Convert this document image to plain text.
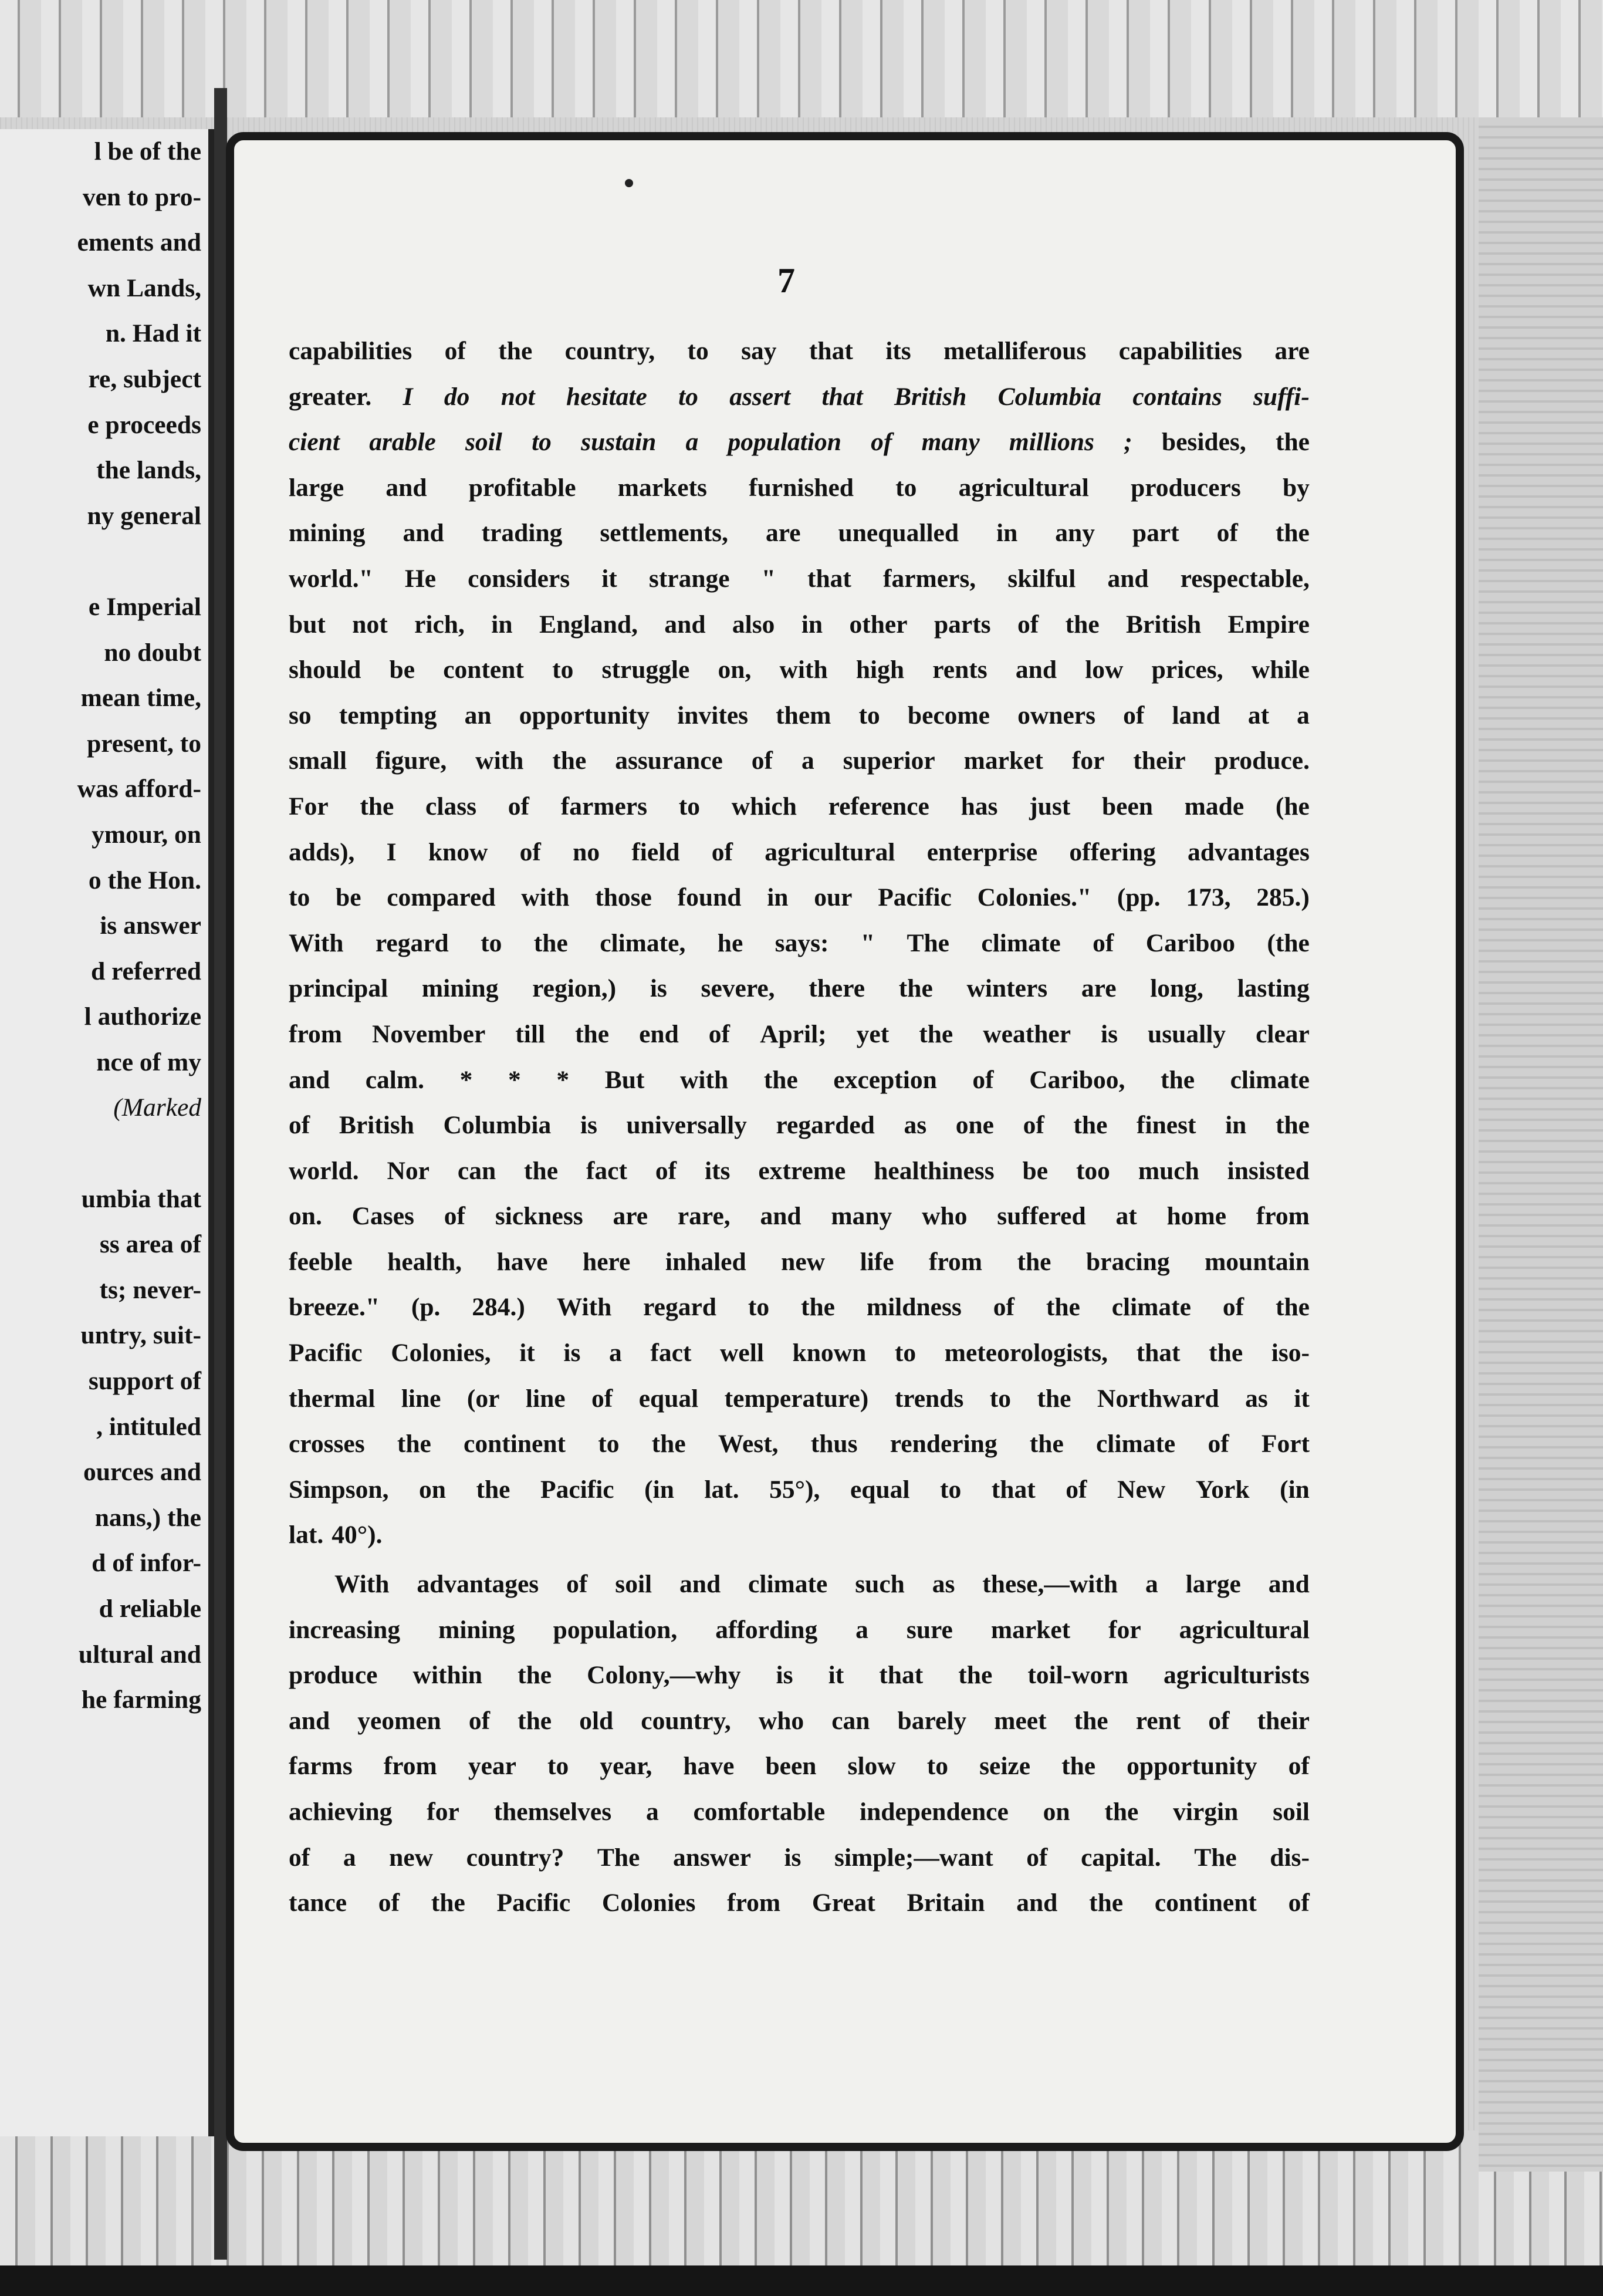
l be of the
ven to pro-
ements and
wn Lands,
n. Had it
re, subject
e proceeds
the lands,
ny general
e Imperial
no doubt
mean time,
present, to
was afford-
ymour, on
o the Hon.
is answer
d referred
l authorize
nce of my
(Marked
umbia that
ss area of
ts; never-
untry, suit-
support of
, intituled
ources and
nans,) the
d of infor-
d reliable
ultural and
he farming
7
capabilities of the country, to say that its metalliferous capabilities are
greater. I do not hesitate to assert that British Columbia contains suffi-
cient arable soil to sustain a population of many millions ; besides, the
large and profitable markets furnished to agricultural producers by
mining and trading settlements, are unequalled in any part of the
world." He considers it strange " that farmers, skilful and respectable,
but not rich, in England, and also in other parts of the British Empire
should be content to struggle on, with high rents and low prices, while
so tempting an opportunity invites them to become owners of land at a
small figure, with the assurance of a superior market for their produce.
For the class of farmers to which reference has just been made (he
adds), I know of no field of agricultural enterprise offering advantages
to be compared with those found in our Pacific Colonies." (pp. 173, 285.)
With regard to the climate, he says: " The climate of Cariboo (the
principal mining region,) is severe, there the winters are long, lasting
from November till the end of April; yet the weather is usually clear
and calm. * * * But with the exception of Cariboo, the climate
of British Columbia is universally regarded as one of the finest in the
world. Nor can the fact of its extreme healthiness be too much insisted
on. Cases of sickness are rare, and many who suffered at home from
feeble health, have here inhaled new life from the bracing mountain
breeze." (p. 284.) With regard to the mildness of the climate of the
Pacific Colonies, it is a fact well known to meteorologists, that the iso-
thermal line (or line of equal temperature) trends to the Northward as it
crosses the continent to the West, thus rendering the climate of Fort
Simpson, on the Pacific (in lat. 55°), equal to that of New York (in
lat. 40°).
With advantages of soil and climate such as these,—with a large and
increasing mining population, affording a sure market for agricultural
produce within the Colony,—why is it that the toil-worn agriculturists
and yeomen of the old country, who can barely meet the rent of their
farms from year to year, have been slow to seize the opportunity of
achieving for themselves a comfortable independence on the virgin soil
of a new country? The answer is simple;—want of capital. The dis-
tance of the Pacific Colonies from Great Britain and the continent of
